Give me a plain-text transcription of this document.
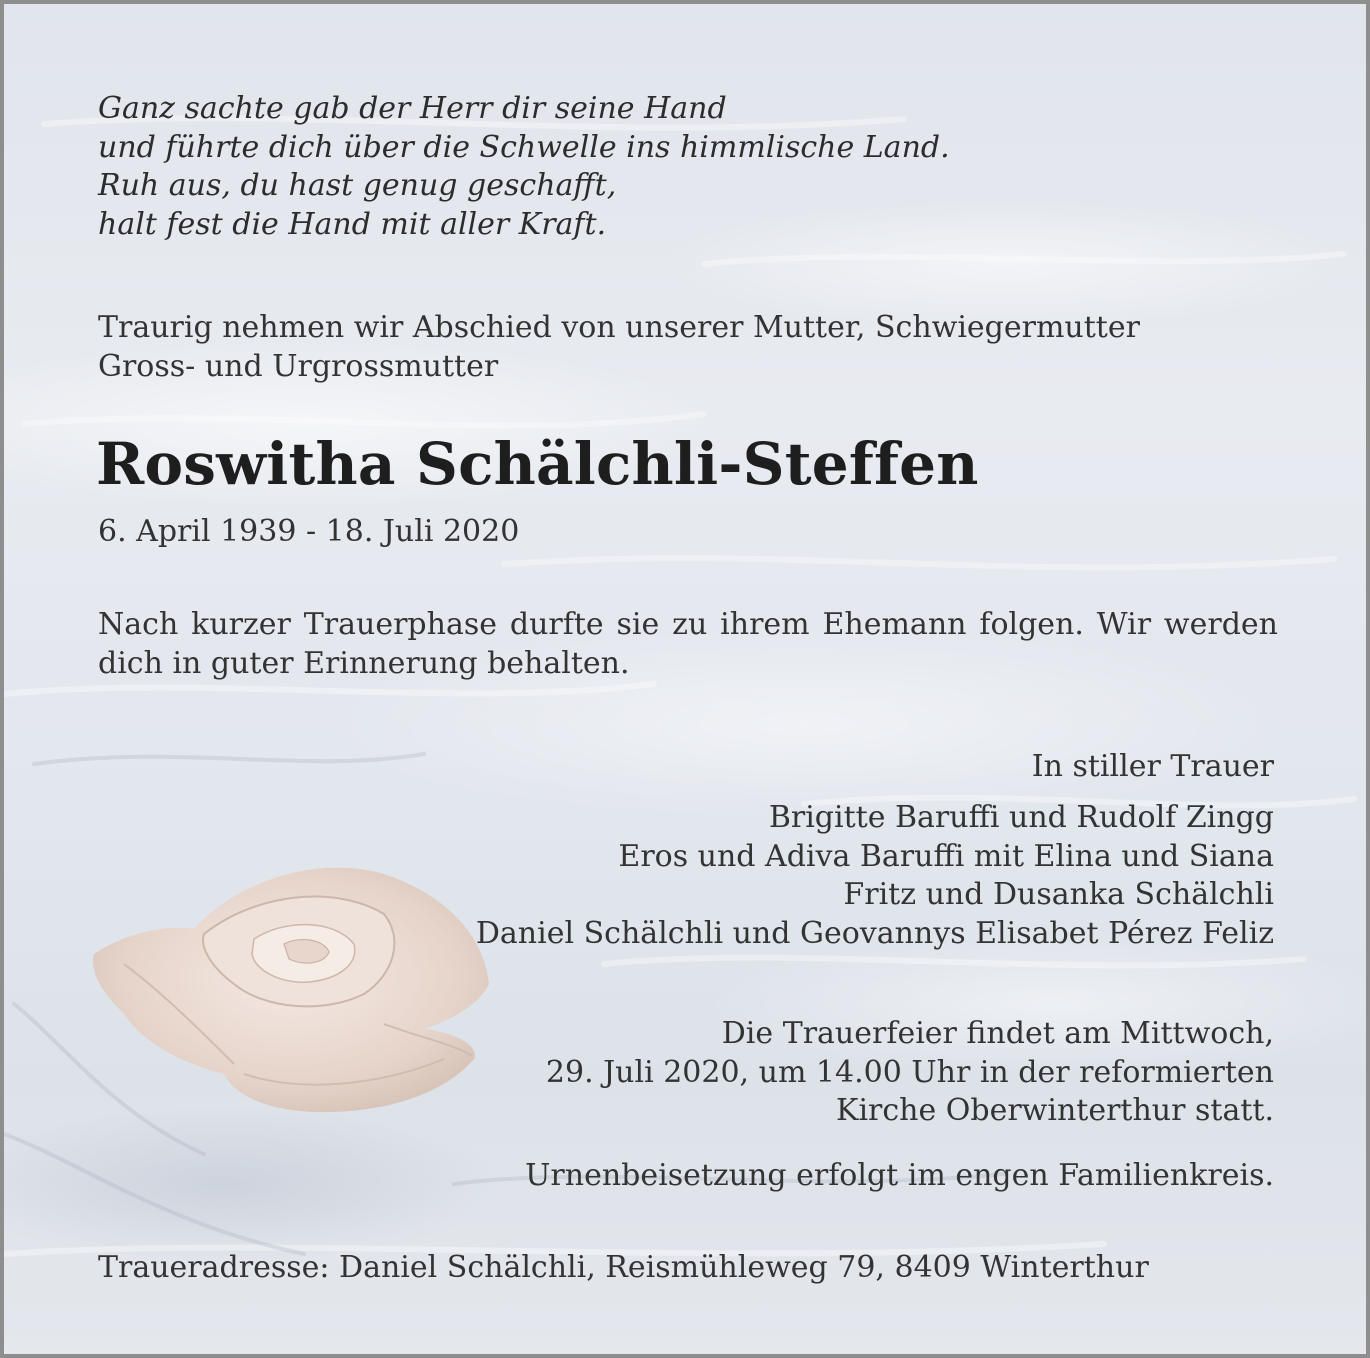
Ganz sachte gab der Herr dir seine Hand
und führte dich über die Schwelle ins himmlische Land.
Ruh aus, du hast genug geschafft,
halt fest die Hand mit aller Kraft.
Traurig nehmen wir Abschied von unserer Mutter, Schwiegermutter
Gross- und Urgrossmutter
Roswitha Schälchli-Steffen
6. April 1939 - 18. Juli 2020
Nach kurzer Trauerphase durfte sie zu ihrem Ehemann folgen. Wir werden dich in guter Erinnerung behalten.
In stiller Trauer
Brigitte Baruffi und Rudolf Zingg
Eros und Adiva Baruffi mit Elina und Siana
Fritz und Dusanka Schälchli
Daniel Schälchli und Geovannys Elisabet Pérez Feliz
Die Trauerfeier findet am Mittwoch,
29. Juli 2020, um 14.00 Uhr in der reformierten
Kirche Oberwinterthur statt.
Urnenbeisetzung erfolgt im engen Familienkreis.
Traueradresse: Daniel Schälchli, Reismühleweg 79, 8409 Winterthur
